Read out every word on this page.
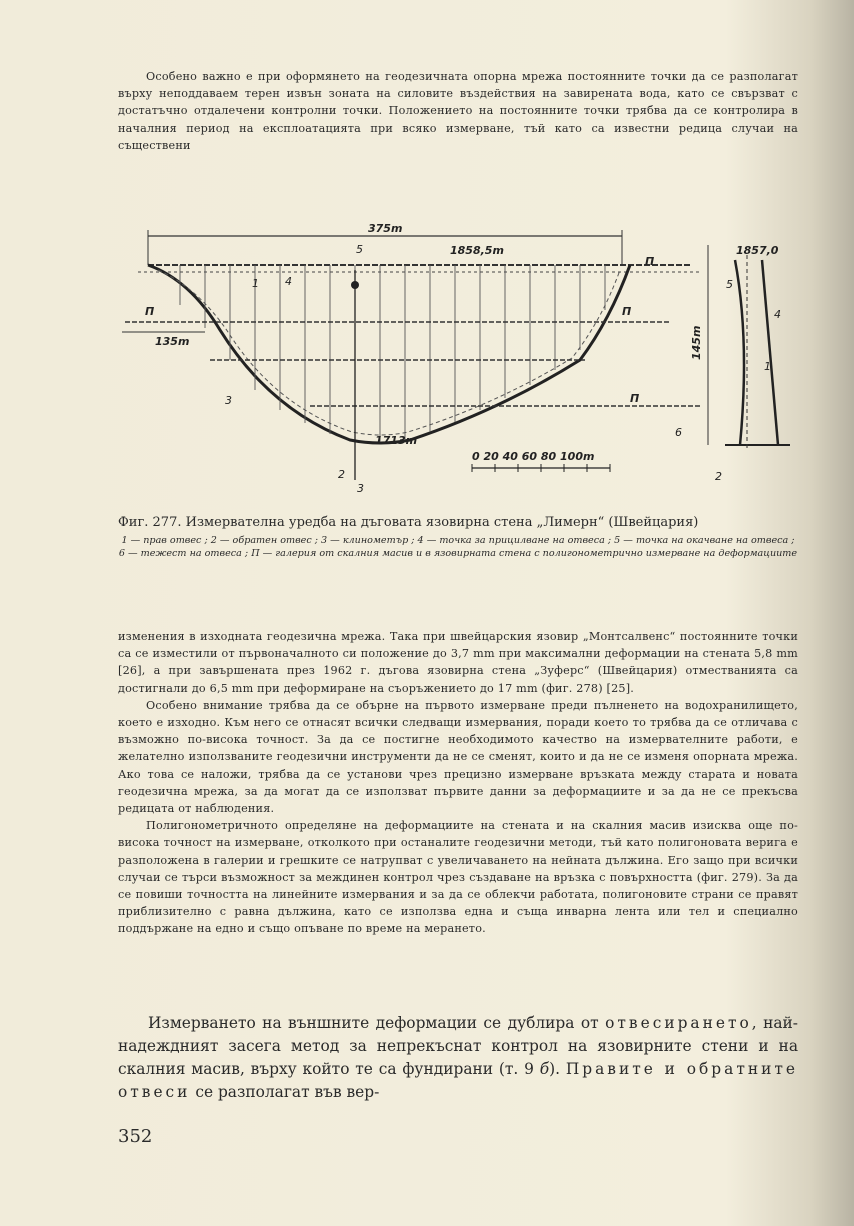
Особено важно е при оформянето на геодезичната опорна мрежа постоянните точки да се разполагат върху неподдаваем терен извън зоната на силовите въздействия на завирената вода, като се свързват с достатъчно отдалечени контролни точки. Положението на постоянните точки трябва да се контролира в началния период на експлоатацията при всяко измерване, тъй като са известни редица случаи на съществени

375m
1858,5m
П	П
П
П
135m
1713m
5
4
1
3
2
3
6
0 20 40 60 80 100m
1857,0
145m
5
4
1
2
Фиг. 277. Измервателна уредба на дъговата язовирна стена „Лимерн“ (Швейцария)
1 — прав отвес ; 2 — обратен отвес ; 3 — клинометър ; 4 — точка за прицилване на отвеса ; 5 — точка на окачване на отвеса ; 6 — тежест на отвеса ; П — галерия от скалния масив и в язовирната стена с полигонометрично измерване на деформациите

изменения в изходната геодезична мрежа. Така при швейцарския язовир „Монтсалвенс“ постоянните точки са се изместили от първоначалното си положение до 3,7 mm при максимални деформации на стената 5,8 mm [26], а при завършената през 1962 г. дъгова язовирна стена „Зуферс“ (Швейцария) отместванията са достигнали до 6,5 mm при деформиране на съоръжението до 17 mm (фиг. 278) [25].

Особено внимание трябва да се обърне на първото измерване преди пълненето на водохранилището, което е изходно. Към него се отнасят всички следващи измервания, поради което то трябва да се отличава с възможно по-висока точност. За да се постигне необходимото качество на измервателните работи, е желателно използваните геодезични инструменти да не се сменят, които и да не се изменя опорната мрежа. Ако това се наложи, трябва да се установи чрез прецизно измерване връзката между старата и новата геодезична мрежа, за да могат да се използват първите данни за деформациите и за да не се прекъсва редицата от наблюдения.

Полигонометричното определяне на деформациите на стената и на скалния масив изисква още по-висока точност на измерване, отколкото при останалите геодезични методи, тъй като полигоновата верига е разположена в галерии и грешките се натрупват с увеличаването на нейната дължина. Его защо при всички случаи се търси възможност за междинен контрол чрез създаване на връзка с повърхността (фиг. 279). За да се повиши точността на линейните измервания и за да се облекчи работата, полигоновите страни се правят приблизително с равна дължина, като се използва една и съща инварна лента или тел и специално поддържане на едно и също опъване по време на мерането.

Измерването на външните деформации се дублира от отвесирането, най-надеждният засега метод за непрекъснат контрол на язовирните стени и на скалния масив, върху който те са фундирани (т. 9 б). Правите и обратните отвеси се разполагат във вер-

352
